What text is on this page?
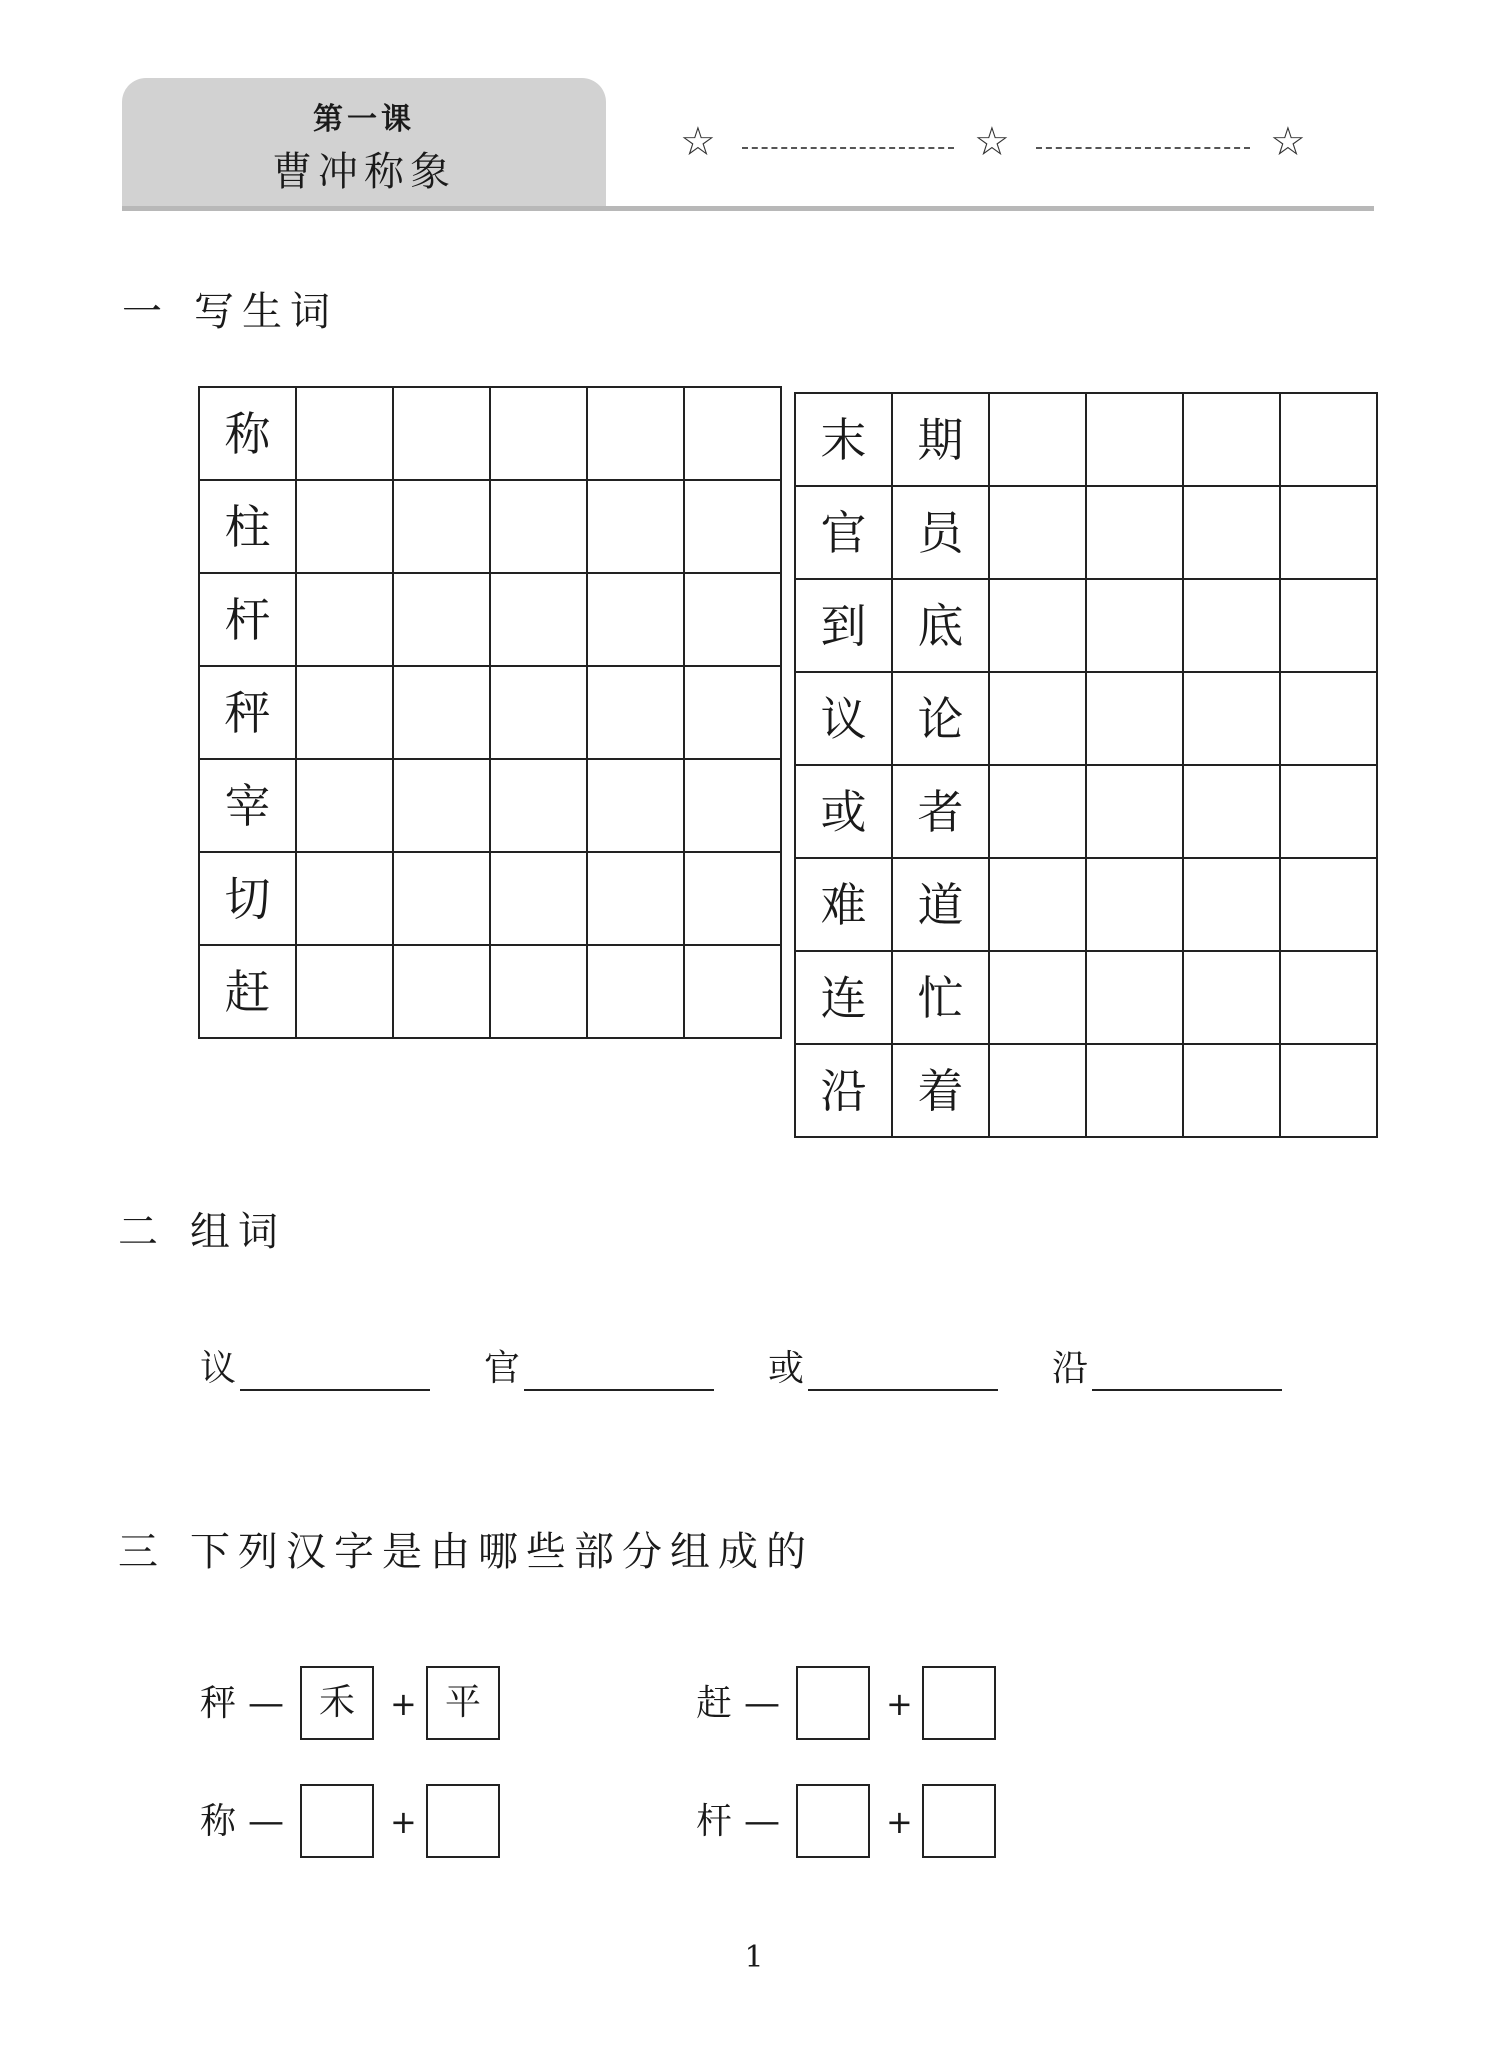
第一课
曹冲称象
☆	☆	☆
一 写生词
称					
柱					
杆					
秤					
宰					
切					
赶					
末	期				
官	员				
到	底				
议	论				
或	者				
难	道				
连	忙				
沿	着				
二 组词
议	官	或	沿
三 下列汉字是由哪些部分组成的
秤 —	禾	+ 平	赶 —	+
称 —	+	杆 —	+
1
